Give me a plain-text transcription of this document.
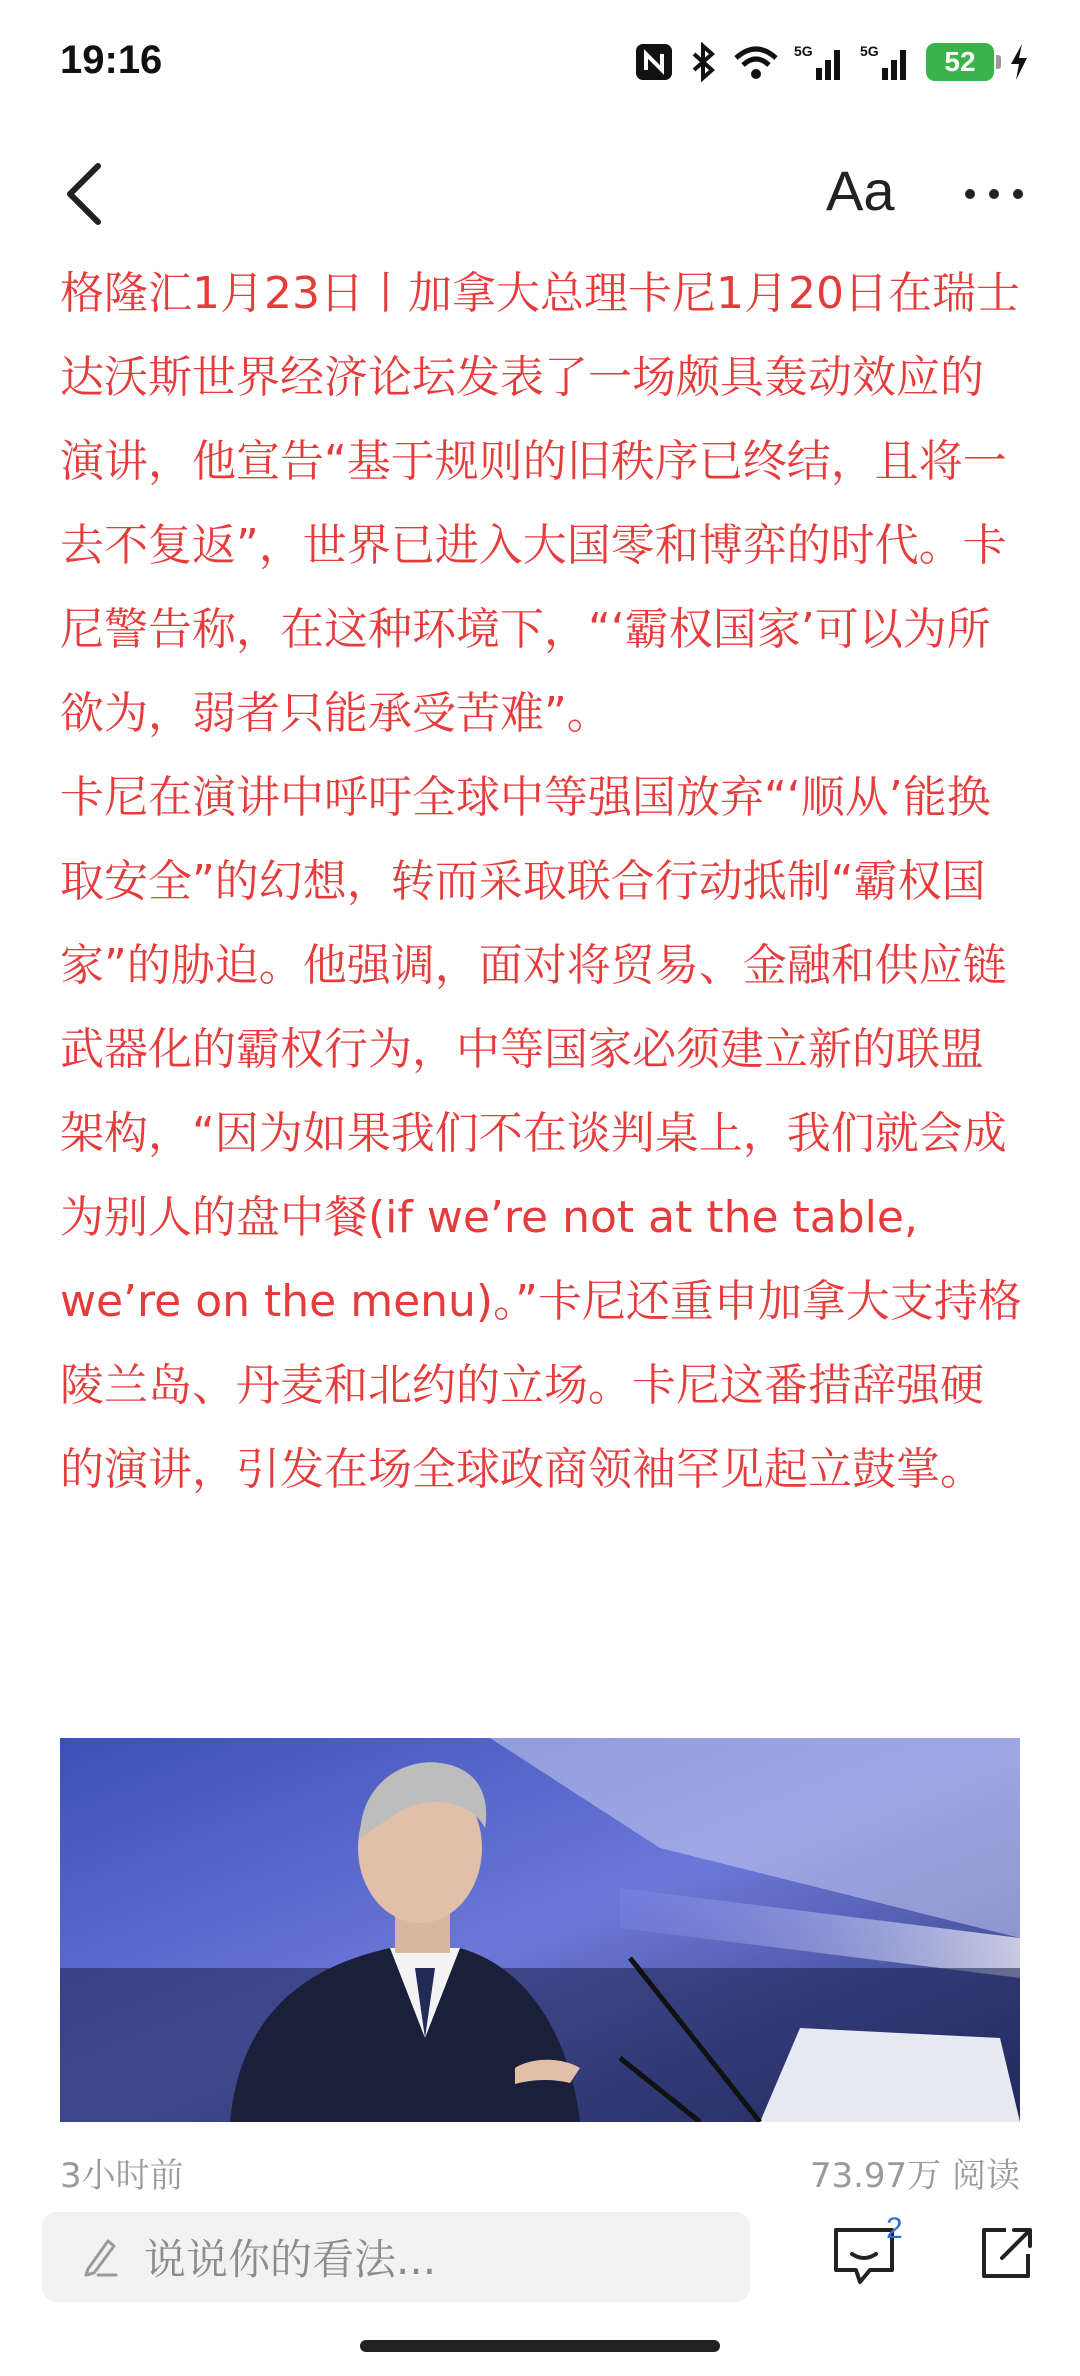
19:16	5G	5G	52
Aa

格隆汇1月23日丨加拿大总理卡尼1月20日在瑞士达沃斯世界经济论坛发表了一场颇具轰动效应的演讲，他宣告“基于规则的旧秩序已终结，且将一去不复返”，世界已进入大国零和博弈的时代。卡尼警告称，在这种环境下，“‘霸权国家’可以为所欲为，弱者只能承受苦难”。

卡尼在演讲中呼吁全球中等强国放弃“‘顺从’能换取安全”的幻想，转而采取联合行动抵制“霸权国家”的胁迫。他强调，面对将贸易、金融和供应链武器化的霸权行为，中等国家必须建立新的联盟架构，“因为如果我们不在谈判桌上，我们就会成为别人的盘中餐(if we’re not at the table, we’re on the menu)。”卡尼还重申加拿大支持格陵兰岛、丹麦和北约的立场。卡尼这番措辞强硬的演讲，引发在场全球政商领袖罕见起立鼓掌。

3小时前	73.97万 阅读
说说你的看法...
2
